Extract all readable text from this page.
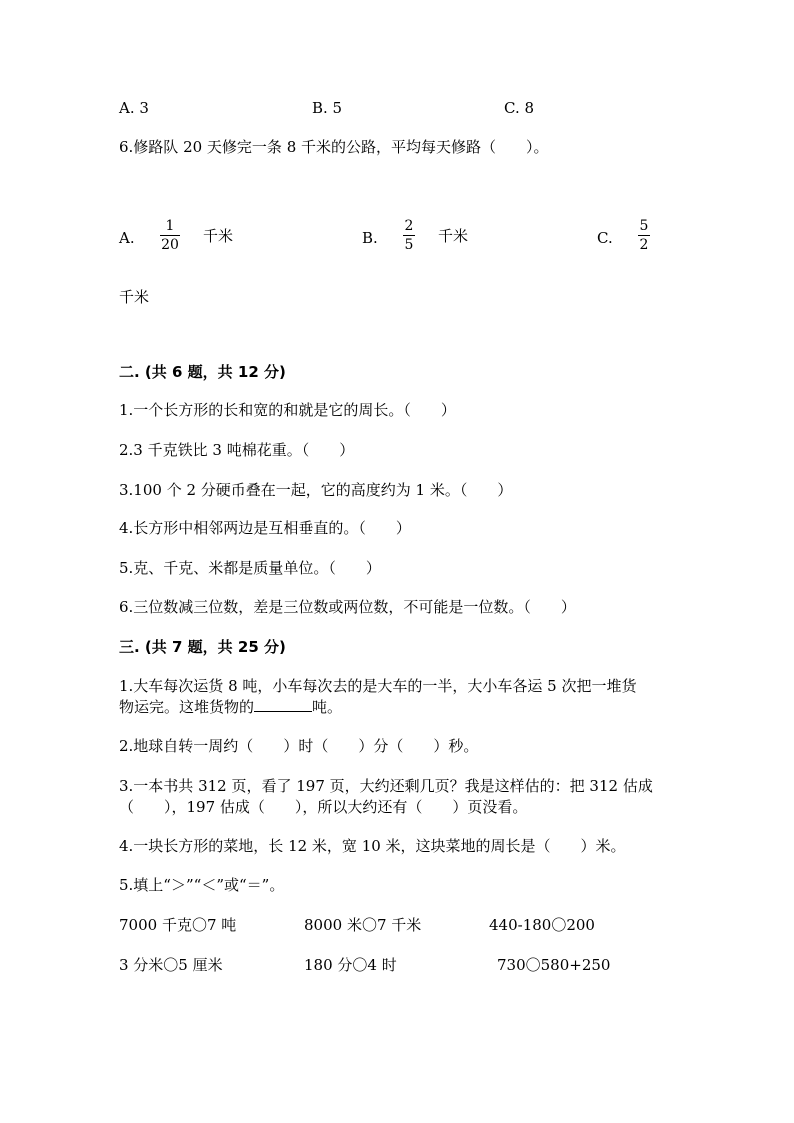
A. 3	B. 5	C. 8
6.修路队 20 天修完一条 8 千米的公路，平均每天修路（　　）。
A.
1
20 千米	B.
2
5 千米	C.
5
2
千米
二. (共 6 题，共 12 分)
1.一个长方形的长和宽的和就是它的周长。（　　）
2.3 千克铁比 3 吨棉花重。（　　）
3.100 个 2 分硬币叠在一起，它的高度约为 1 米。（　　）
4.长方形中相邻两边是互相垂直的。（　　）
5.克、千克、米都是质量单位。（　　）
6.三位数减三位数，差是三位数或两位数，不可能是一位数。（　　）
三. (共 7 题，共 25 分)
1.大车每次运货 8 吨，小车每次去的是大车的一半，大小车各运 5 次把一堆货
物运完。这堆货物的	吨。
2.地球自转一周约（　　）时（　　）分（　　）秒。
3.一本书共 312 页，看了 197 页，大约还剩几页？我是这样估的：把 312 估成
（　　），197 估成（　　），所以大约还有（　　）页没看。
4.一块长方形的菜地，长 12 米，宽 10 米，这块菜地的周长是（　　）米。
5.填上“＞”“＜”或“＝”。
7000 千克〇7 吨	8000 米〇7 千米	440-180〇200
3 分米〇5 厘米	180 分〇4 时	730〇580+250
